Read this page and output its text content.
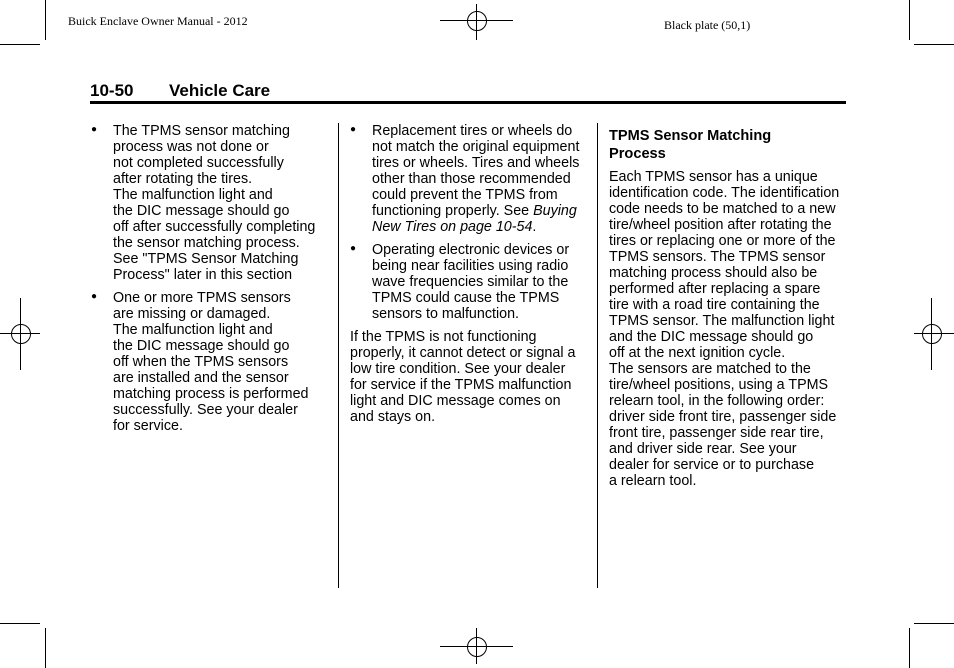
Buick Enclave Owner Manual - 2012	Black plate (50,1)
10-50 Vehicle Care
● The TPMS sensor matching
process was not done or
not completed successfully
after rotating the tires.
The malfunction light and
the DIC message should go
off after successfully completing
the sensor matching process.
See "TPMS Sensor Matching
Process" later in this section
● One or more TPMS sensors
are missing or damaged.
The malfunction light and
the DIC message should go
off when the TPMS sensors
are installed and the sensor
matching process is performed
successfully. See your dealer
for service.
● Replacement tires or wheels do
not match the original equipment
tires or wheels. Tires and wheels
other than those recommended
could prevent the TPMS from
functioning properly. See Buying
New Tires on page 10-54.
● Operating electronic devices or
being near facilities using radio
wave frequencies similar to the
TPMS could cause the TPMS
sensors to malfunction.
If the TPMS is not functioning
properly, it cannot detect or signal a
low tire condition. See your dealer
for service if the TPMS malfunction
light and DIC message comes on
and stays on.
TPMS Sensor Matching
Process
Each TPMS sensor has a unique
identification code. The identification
code needs to be matched to a new
tire/wheel position after rotating the
tires or replacing one or more of the
TPMS sensors. The TPMS sensor
matching process should also be
performed after replacing a spare
tire with a road tire containing the
TPMS sensor. The malfunction light
and the DIC message should go
off at the next ignition cycle.
The sensors are matched to the
tire/wheel positions, using a TPMS
relearn tool, in the following order:
driver side front tire, passenger side
front tire, passenger side rear tire,
and driver side rear. See your
dealer for service or to purchase
a relearn tool.
